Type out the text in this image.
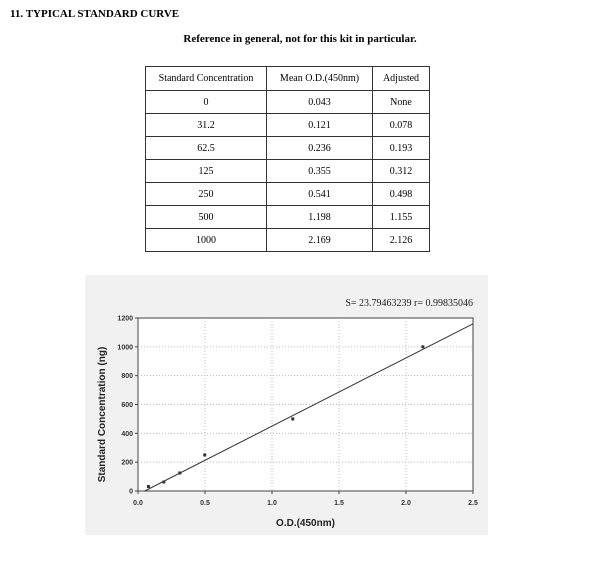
11. TYPICAL STANDARD CURVE
Reference in general, not for this kit in particular.
Standard Concentration	Mean O.D.(450nm)	Adjusted
0	0.043	None
31.2	0.121	0.078
62.5	0.236	0.193
125	0.355	0.312
250	0.541	0.498
500	1.198	1.155
1000	2.169	2.126
0.0	0.5	1.0	1.5	2.0	2.5
0
200
400
600
800
1000
1200
S= 23.79463239 r= 0.99835046
O.D.(450nm)
Standard Concentration (ng)
